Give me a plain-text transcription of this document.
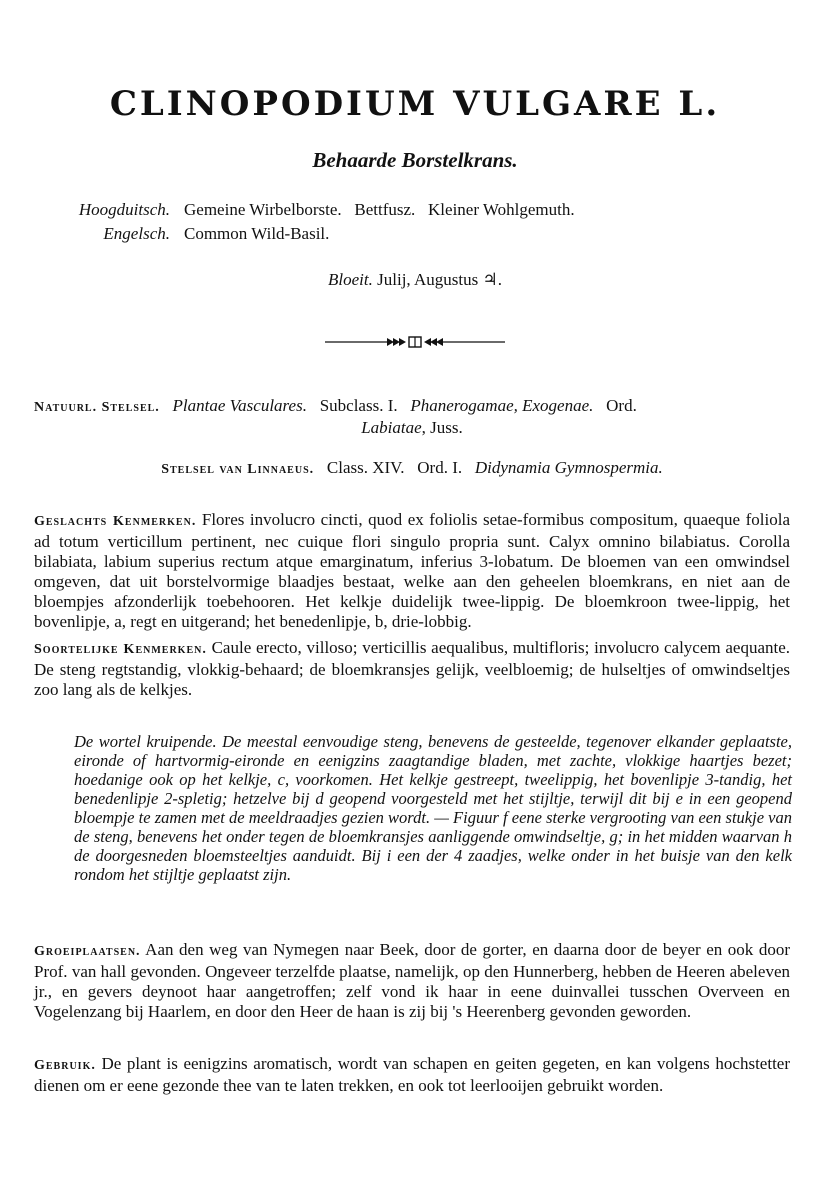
CLINOPODIUM VULGARE L.
Behaarde Borstelkrans.
Hoogduitsch. Gemeine Wirbelborste.   Bettfusz.   Kleiner Wohlgemuth.
Engelsch. Common Wild-Basil.
Bloeit. Julij, Augustus ♃.
Natuurl. Stelsel. Plantae Vasculares. Subclass. I. Phanerogamae, Exogenae. Ord.
Labiatae, Juss.
Stelsel van Linnaeus. Class. XIV.   Ord. I. Didynamia Gymnospermia.
Geslachts Kenmerken. Flores involucro cincti, quod ex foliolis setae-formibus compositum, quaeque foliola ad totum verticillum pertinent, nec cuique flori singulo propria sunt. Calyx omnino bilabiatus. Corolla bilabiata, labium superius rectum atque emarginatum, inferius 3-lobatum. De bloemen van een omwindsel omgeven, dat uit borstelvormige blaadjes bestaat, welke aan den geheelen bloemkrans, en niet aan de bloempjes afzonderlijk toebehooren. Het kelkje duidelijk twee-lippig. De bloemkroon twee-lippig, het bovenlipje, a, regt en uitgerand; het benedenlipje, b, drie-lobbig.
Soortelijke Kenmerken. Caule erecto, villoso; verticillis aequalibus, multifloris; involucro calycem aequante. De steng regtstandig, vlokkig-behaard; de bloemkransjes gelijk, veelbloemig; de hulseltjes of omwindseltjes zoo lang als de kelkjes.
De wortel kruipende. De meestal eenvoudige steng, benevens de gesteelde, tegenover elkander geplaatste, eironde of hartvormig-eironde en eenigzins zaagtandige bladen, met zachte, vlokkige haartjes bezet; hoedanige ook op het kelkje, c, voorkomen. Het kelkje gestreept, tweelippig, het bovenlipje 3-tandig, het benedenlipje 2-spletig; hetzelve bij d geopend voorgesteld met het stijltje, terwijl dit bij e in een geopend bloempje te zamen met de meeldraadjes gezien wordt. — Figuur f eene sterke vergrooting van een stukje van de steng, benevens het onder tegen de bloemkransjes aanliggende omwindseltje, g; in het midden waarvan h de doorgesneden bloemsteeltjes aanduidt. Bij i een der 4 zaadjes, welke onder in het buisje van den kelk rondom het stijltje geplaatst zijn.
Groeiplaatsen. Aan den weg van Nymegen naar Beek, door de gorter, en daarna door de beyer en ook door Prof. van hall gevonden. Ongeveer terzelfde plaatse, namelijk, op den Hunnerberg, hebben de Heeren abeleven jr., en gevers deynoot haar aangetroffen; zelf vond ik haar in eene duinvallei tusschen Overveen en Vogelenzang bij Haarlem, en door den Heer de haan is zij bij 's Heerenberg gevonden geworden.
Gebruik. De plant is eenigzins aromatisch, wordt van schapen en geiten gegeten, en kan volgens hochstetter dienen om er eene gezonde thee van te laten trekken, en ook tot leerlooijen gebruikt worden.
